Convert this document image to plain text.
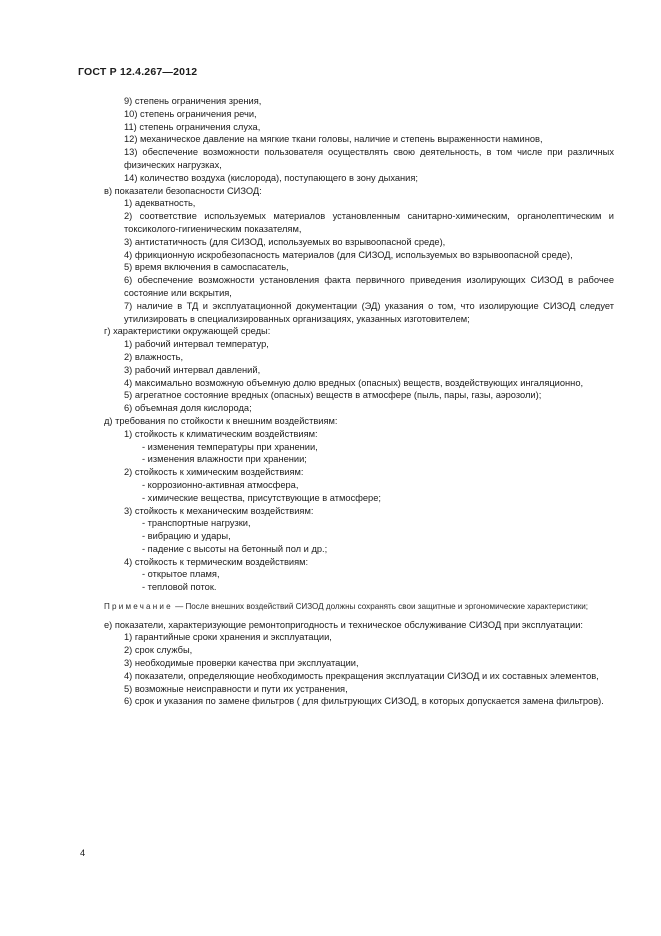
ГОСТ Р 12.4.267—2012

9) степень ограничения зрения,

10) степень ограничения речи,

11) степень ограничения слуха,

12) механическое давление на мягкие ткани головы, наличие и степень выраженности наминов,

13) обеспечение возможности пользователя осуществлять свою деятельность, в том числе при различных физических нагрузках,

14) количество воздуха (кислорода), поступающего в зону дыхания;

в) показатели безопасности СИЗОД:

1) адекватность,

2) соответствие используемых материалов установленным санитарно-химическим, органолептическим и токсиколого-гигиеническим показателям,

3) антистатичность (для СИЗОД, используемых во взрывоопасной среде),

4) фрикционную искробезопасность материалов (для СИЗОД, используемых во взрывоопасной среде),

5) время включения в самоспасатель,

6) обеспечение возможности установления факта первичного приведения изолирующих СИЗОД в рабочее состояние или вскрытия,

7) наличие в ТД и эксплуатационной документации (ЭД) указания о том, что изолирующие СИЗОД следует утилизировать в специализированных организациях, указанных изготовителем;

г) характеристики окружающей среды:

1) рабочий интервал температур,

2) влажность,

3) рабочий интервал давлений,

4) максимально возможную объемную долю вредных (опасных) веществ, воздействующих ингаляционно,

5) агрегатное состояние вредных (опасных) веществ в атмосфере (пыль, пары, газы, аэрозоли);

6) объемная доля кислорода;

д) требования по стойкости к внешним воздействиям:

1) стойкость к климатическим воздействиям:

- изменения температуры при хранении,

- изменения влажности при хранении;

2) стойкость к химическим воздействиям:

- коррозионно-активная атмосфера,

- химические вещества, присутствующие в атмосфере;

3) стойкость к механическим воздействиям:

- транспортные нагрузки,

- вибрацию и удары,

- падение с высоты на бетонный пол и др.;

4) стойкость к термическим воздействиям:

- открытое пламя,

- тепловой поток.

Примечание — После внешних воздействий СИЗОД должны сохранять свои защитные и эргономические характеристики;

е) показатели, характеризующие ремонтопригодность и техническое обслуживание СИЗОД при эксплуатации:

1) гарантийные сроки хранения и эксплуатации,

2) срок службы,

3) необходимые проверки качества при эксплуатации,

4) показатели, определяющие необходимость прекращения эксплуатации СИЗОД и их составных элементов,

5) возможные неисправности и пути их устранения,

6) срок и указания по замене фильтров ( для фильтрующих СИЗОД, в которых допускается замена фильтров).

4
